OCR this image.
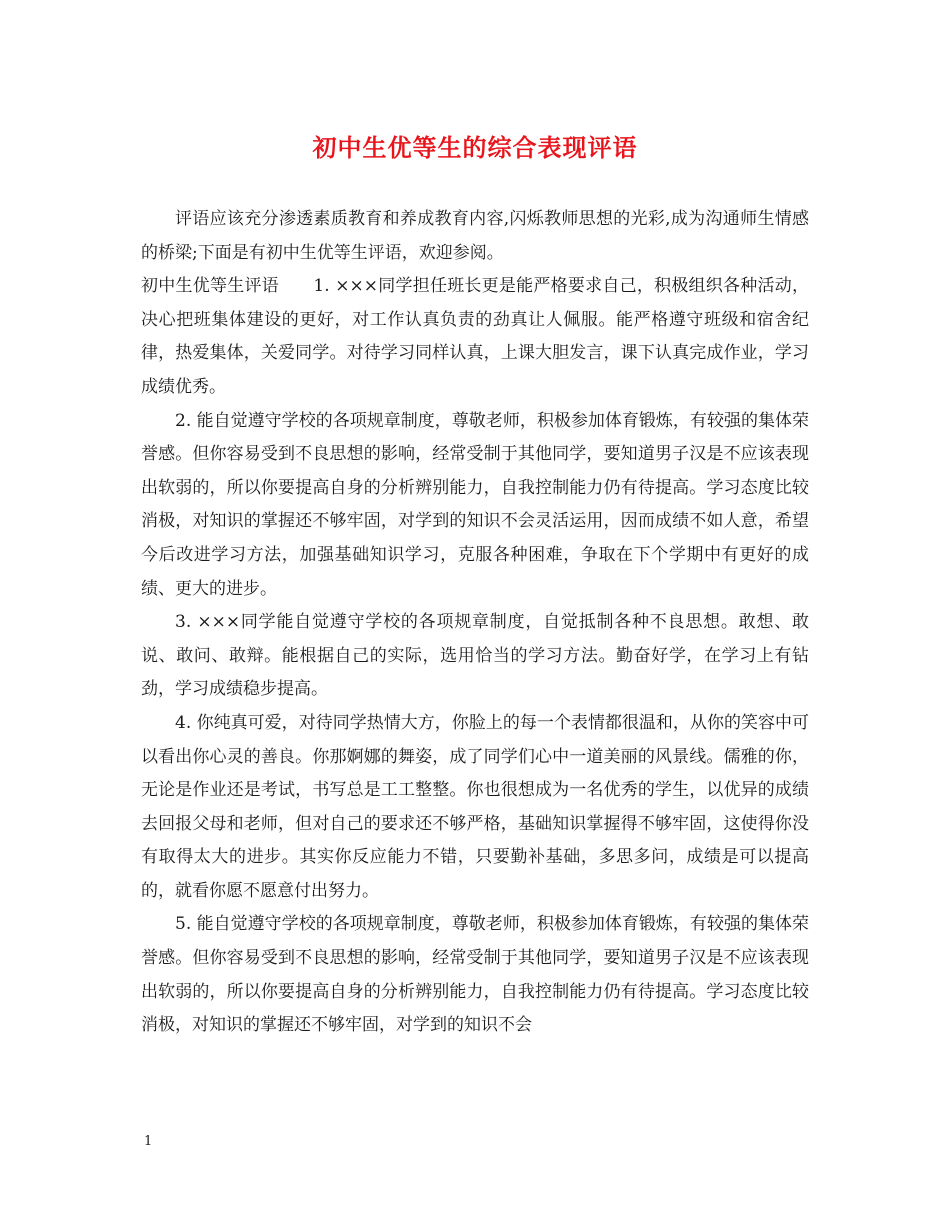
初中生优等生的综合表现评语

评语应该充分渗透素质教育和养成教育内容,闪烁教师思想的光彩,成为沟通师生情感的桥梁;下面是有初中生优等生评语，欢迎参阅。

初中生优等生评语　　1. ×××同学担任班长更是能严格要求自己，积极组织各种活动，决心把班集体建设的更好，对工作认真负责的劲真让人佩服。能严格遵守班级和宿舍纪律，热爱集体，关爱同学。对待学习同样认真，上课大胆发言，课下认真完成作业，学习成绩优秀。

2. 能自觉遵守学校的各项规章制度，尊敬老师，积极参加体育锻炼，有较强的集体荣誉感。但你容易受到不良思想的影响，经常受制于其他同学，要知道男子汉是不应该表现出软弱的，所以你要提高自身的分析辨别能力，自我控制能力仍有待提高。学习态度比较消极，对知识的掌握还不够牢固，对学到的知识不会灵活运用，因而成绩不如人意，希望今后改进学习方法，加强基础知识学习，克服各种困难，争取在下个学期中有更好的成绩、更大的进步。

3. ×××同学能自觉遵守学校的各项规章制度，自觉抵制各种不良思想。敢想、敢说、敢问、敢辩。能根据自己的实际，选用恰当的学习方法。勤奋好学，在学习上有钻劲，学习成绩稳步提高。

4. 你纯真可爱，对待同学热情大方，你脸上的每一个表情都很温和，从你的笑容中可以看出你心灵的善良。你那婀娜的舞姿，成了同学们心中一道美丽的风景线。儒雅的你，无论是作业还是考试，书写总是工工整整。你也很想成为一名优秀的学生，以优异的成绩去回报父母和老师，但对自己的要求还不够严格，基础知识掌握得不够牢固，这使得你没有取得太大的进步。其实你反应能力不错，只要勤补基础，多思多问，成绩是可以提高的，就看你愿不愿意付出努力。

5. 能自觉遵守学校的各项规章制度，尊敬老师，积极参加体育锻炼，有较强的集体荣誉感。但你容易受到不良思想的影响，经常受制于其他同学，要知道男子汉是不应该表现出软弱的，所以你要提高自身的分析辨别能力，自我控制能力仍有待提高。学习态度比较消极，对知识的掌握还不够牢固，对学到的知识不会

1
